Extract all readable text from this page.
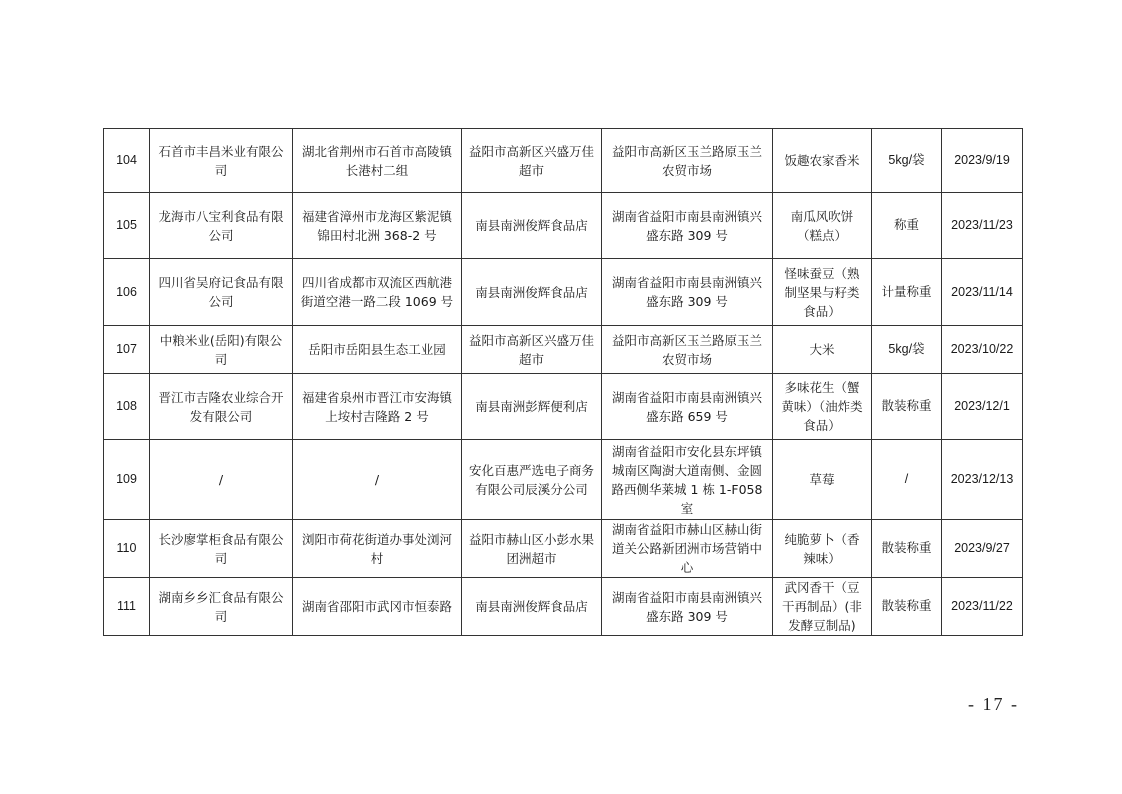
104	石首市丰昌米业有限公司	湖北省荆州市石首市高陵镇长港村二组	益阳市高新区兴盛万佳超市	益阳市高新区玉兰路原玉兰农贸市场	饭趣农家香米	5kg/袋	2023/9/19
105	龙海市八宝利食品有限公司	福建省漳州市龙海区紫泥镇锦田村北洲 368-2 号	南县南洲俊辉食品店	湖南省益阳市南县南洲镇兴盛东路 309 号	南瓜风吹饼（糕点）	称重	2023/11/23
106	四川省吴府记食品有限公司	四川省成都市双流区西航港街道空港一路二段 1069 号	南县南洲俊辉食品店	湖南省益阳市南县南洲镇兴盛东路 309 号	怪味蚕豆（熟制坚果与籽类食品）	计量称重	2023/11/14
107	中粮米业(岳阳)有限公司	岳阳市岳阳县生态工业园	益阳市高新区兴盛万佳超市	益阳市高新区玉兰路原玉兰农贸市场	大米	5kg/袋	2023/10/22
108	晋江市吉隆农业综合开发有限公司	福建省泉州市晋江市安海镇上垵村吉隆路 2 号	南县南洲彭辉便利店	湖南省益阳市南县南洲镇兴盛东路 659 号	多味花生（蟹黄味）（油炸类食品）	散装称重	2023/12/1
109	/	/	安化百惠严选电子商务有限公司辰溪分公司	湖南省益阳市安化县东坪镇城南区陶澍大道南侧、金圆路西侧华莱城 1 栋 1-F058 室	草莓	/	2023/12/13
110	长沙廖掌柜食品有限公司	浏阳市荷花街道办事处浏河村	益阳市赫山区小彭水果团洲超市	湖南省益阳市赫山区赫山街道关公路新团洲市场营销中心	纯脆萝卜（香辣味）	散装称重	2023/9/27
111	湖南乡乡汇食品有限公司	湖南省邵阳市武冈市恒泰路	南县南洲俊辉食品店	湖南省益阳市南县南洲镇兴盛东路 309 号	武冈香干（豆干再制品）(非发酵豆制品)	散装称重	2023/11/22
- 17 -
